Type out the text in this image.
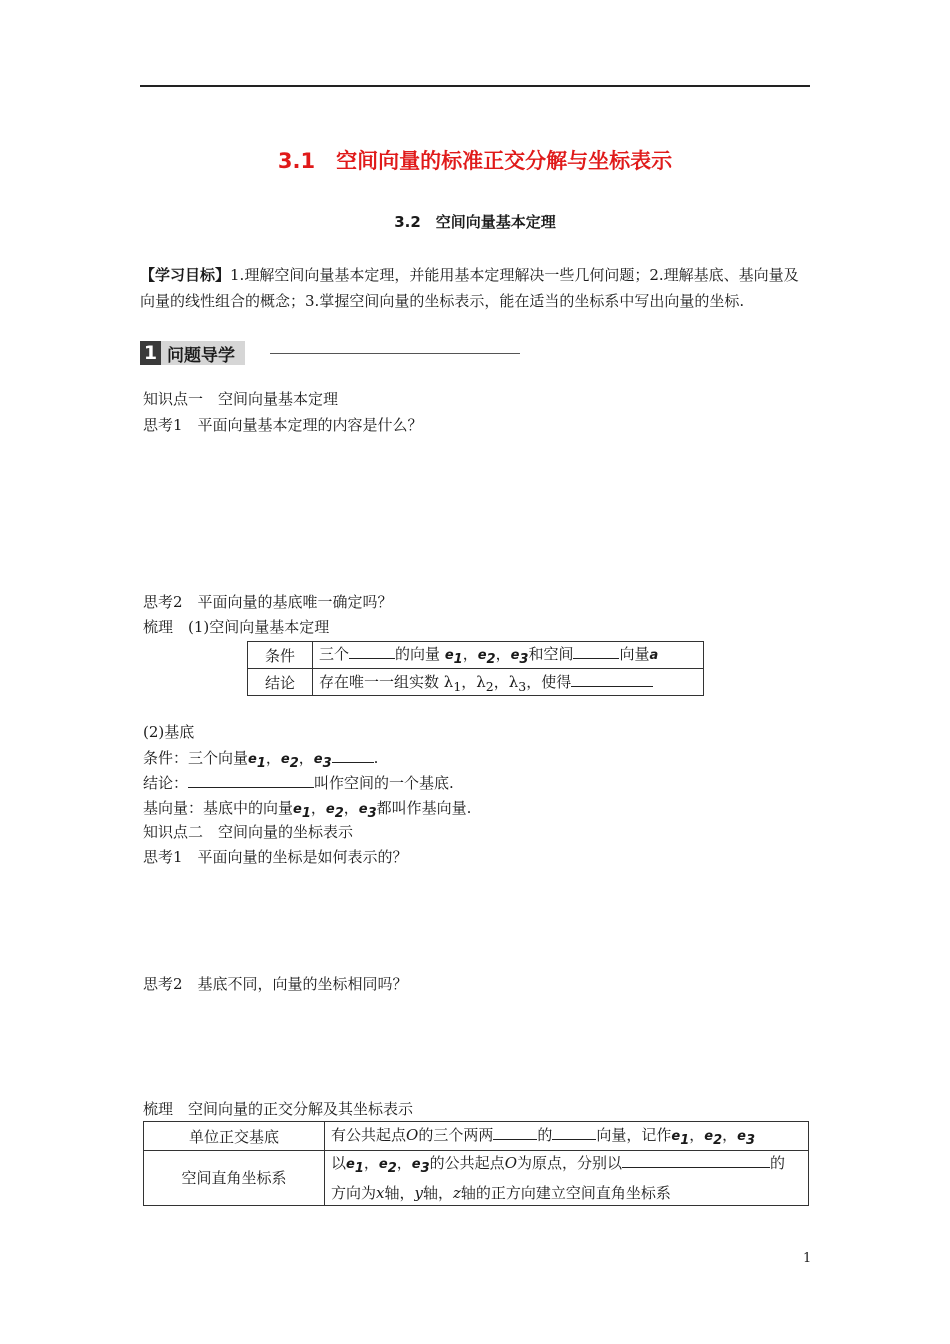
3.1　空间向量的标准正交分解与坐标表示
3.2　空间向量基本定理
【学习目标】1.理解空间向量基本定理，并能用基本定理解决一些几何问题；2.理解基底、基向量及向量的线性组合的概念；3.掌握空间向量的坐标表示，能在适当的坐标系中写出向量的坐标.
1 问题导学
知识点一　空间向量基本定理
思考1　平面向量基本定理的内容是什么？
思考2　平面向量的基底唯一确定吗？
梳理　(1)空间向量基本定理
条件	三个 的向量 $e_1$，$e_2$，$e_3$和空间 向量a
结论	存在唯一一组实数 $\lambda_1$，$\lambda_2$，$\lambda_3$，使得
(2)基底
条件：三个向量$e_1$，$e_2$，$e_3$	.
结论：	叫作空间的一个基底.
基向量：基底中的向量$e_1$，$e_2$，$e_3$都叫作基向量.
知识点二　空间向量的坐标表示
思考1　平面向量的坐标是如何表示的？
思考2　基底不同，向量的坐标相同吗？
梳理　空间向量的正交分解及其坐标表示
单位正交基底	有公共起点O的三个两两 的 向量，记作$e_1$，$e_2$，$e_3$
空间直角坐标系	以$e_1$，$e_2$，$e_3$的公共起点O为原点，分别以 的
方向为x轴，y轴，z轴的正方向建立空间直角坐标系
1
